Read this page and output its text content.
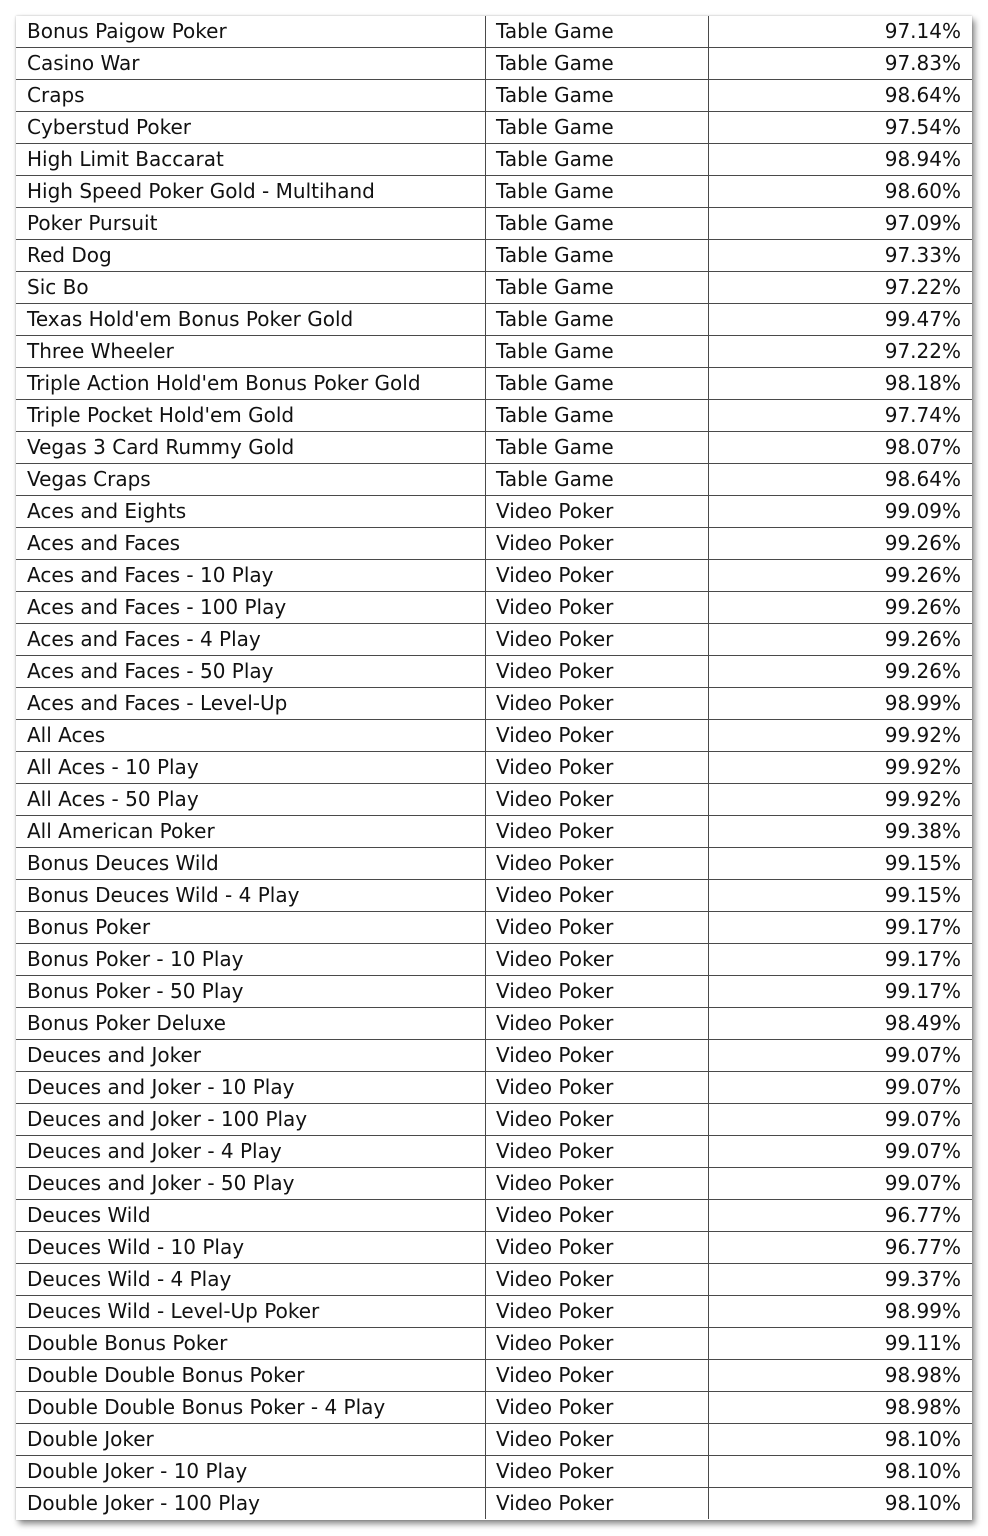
Bonus Paigow Poker	Table Game	97.14%
Casino War	Table Game	97.83%
Craps	Table Game	98.64%
Cyberstud Poker	Table Game	97.54%
High Limit Baccarat	Table Game	98.94%
High Speed Poker Gold - Multihand	Table Game	98.60%
Poker Pursuit	Table Game	97.09%
Red Dog	Table Game	97.33%
Sic Bo	Table Game	97.22%
Texas Hold'em Bonus Poker Gold	Table Game	99.47%
Three Wheeler	Table Game	97.22%
Triple Action Hold'em Bonus Poker Gold	Table Game	98.18%
Triple Pocket Hold'em Gold	Table Game	97.74%
Vegas 3 Card Rummy Gold	Table Game	98.07%
Vegas Craps	Table Game	98.64%
Aces and Eights	Video Poker	99.09%
Aces and Faces	Video Poker	99.26%
Aces and Faces - 10 Play	Video Poker	99.26%
Aces and Faces - 100 Play	Video Poker	99.26%
Aces and Faces - 4 Play	Video Poker	99.26%
Aces and Faces - 50 Play	Video Poker	99.26%
Aces and Faces - Level-Up	Video Poker	98.99%
All Aces	Video Poker	99.92%
All Aces - 10 Play	Video Poker	99.92%
All Aces - 50 Play	Video Poker	99.92%
All American Poker	Video Poker	99.38%
Bonus Deuces Wild	Video Poker	99.15%
Bonus Deuces Wild - 4 Play	Video Poker	99.15%
Bonus Poker	Video Poker	99.17%
Bonus Poker - 10 Play	Video Poker	99.17%
Bonus Poker - 50 Play	Video Poker	99.17%
Bonus Poker Deluxe	Video Poker	98.49%
Deuces and Joker	Video Poker	99.07%
Deuces and Joker - 10 Play	Video Poker	99.07%
Deuces and Joker - 100 Play	Video Poker	99.07%
Deuces and Joker - 4 Play	Video Poker	99.07%
Deuces and Joker - 50 Play	Video Poker	99.07%
Deuces Wild	Video Poker	96.77%
Deuces Wild - 10 Play	Video Poker	96.77%
Deuces Wild - 4 Play	Video Poker	99.37%
Deuces Wild - Level-Up Poker	Video Poker	98.99%
Double Bonus Poker	Video Poker	99.11%
Double Double Bonus Poker	Video Poker	98.98%
Double Double Bonus Poker - 4 Play	Video Poker	98.98%
Double Joker	Video Poker	98.10%
Double Joker - 10 Play	Video Poker	98.10%
Double Joker - 100 Play	Video Poker	98.10%
